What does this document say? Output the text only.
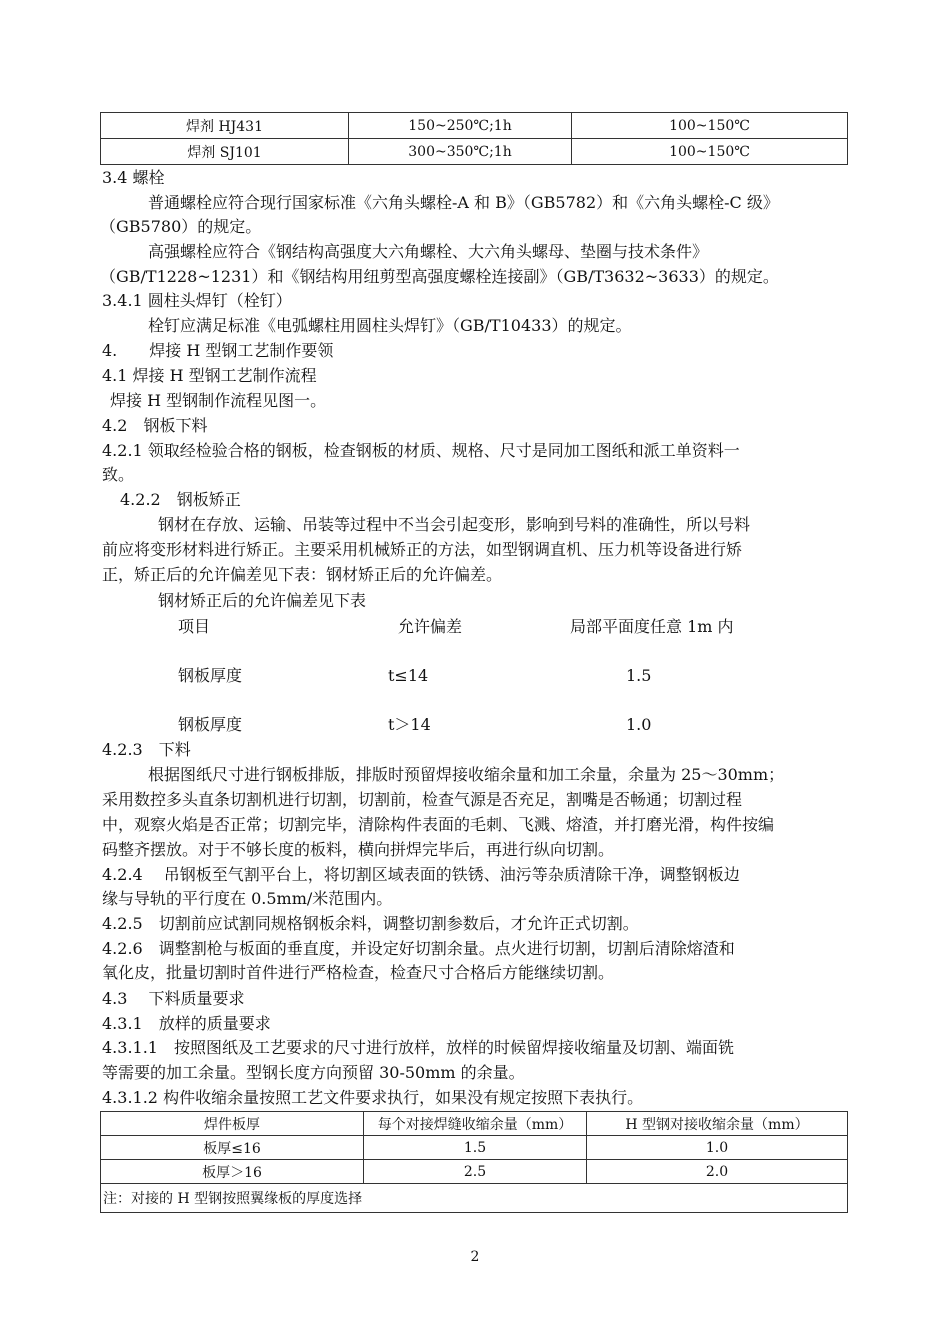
焊剂 HJ431	150~250℃;1h	100~150℃
焊剂 SJ101	300~350℃;1h	100~150℃
3.4 螺栓
普通螺栓应符合现行国家标准《六角头螺栓-A 和 B》（GB5782）和《六角头螺栓-C 级》
（GB5780）的规定。
高强螺栓应符合《钢结构高强度大六角螺栓、大六角头螺母、垫圈与技术条件》
（GB/T1228~1231）和《钢结构用纽剪型高强度螺栓连接副》（GB/T3632~3633）的规定。
3.4.1 圆柱头焊钉（栓钉）
栓钉应满足标准《电弧螺柱用圆柱头焊钉》（GB/T10433）的规定。
4.　　焊接 H 型钢工艺制作要领
4.1 焊接 H 型钢工艺制作流程
焊接 H 型钢制作流程见图一。
4.2　钢板下料
4.2.1 领取经检验合格的钢板，检查钢板的材质、规格、尺寸是同加工图纸和派工单资料一
致。
4.2.2　钢板矫正
钢材在存放、运输、吊装等过程中不当会引起变形，影响到号料的准确性，所以号料
前应将变形材料进行矫正。主要采用机械矫正的方法，如型钢调直机、压力机等设备进行矫
正，矫正后的允许偏差见下表：钢材矫正后的允许偏差。
钢材矫正后的允许偏差见下表
项目	允许偏差	局部平面度任意 1m 内
钢板厚度	t≤14	1.5
钢板厚度	t＞14	1.0
4.2.3　下料
根据图纸尺寸进行钢板排版，排版时预留焊接收缩余量和加工余量，余量为 25～30mm；
采用数控多头直条切割机进行切割，切割前，检查气源是否充足，割嘴是否畅通；切割过程
中，观察火焰是否正常；切割完毕，清除构件表面的毛刺、飞溅、熔渣，并打磨光滑，构件按编
码整齐摆放。对于不够长度的板料，横向拼焊完毕后，再进行纵向切割。
4.2.4　 吊钢板至气割平台上，将切割区域表面的铁锈、油污等杂质清除干净，调整钢板边
缘与导轨的平行度在 0.5mm/米范围内。
4.2.5　切割前应试割同规格钢板余料，调整切割参数后，才允许正式切割。
4.2.6　调整割枪与板面的垂直度，并设定好切割余量。点火进行切割，切割后清除熔渣和
氧化皮，批量切割时首件进行严格检查，检查尺寸合格后方能继续切割。
4.3　 下料质量要求
4.3.1　放样的质量要求
4.3.1.1　按照图纸及工艺要求的尺寸进行放样，放样的时候留焊接收缩量及切割、端面铣
等需要的加工余量。型钢长度方向预留 30-50mm 的余量。
4.3.1.2 构件收缩余量按照工艺文件要求执行，如果没有规定按照下表执行。
焊件板厚	每个对接焊缝收缩余量（mm）	H 型钢对接收缩余量（mm）
板厚≤16	1.5	1.0
板厚＞16	2.5	2.0
注：对接的 H 型钢按照翼缘板的厚度选择		
2
